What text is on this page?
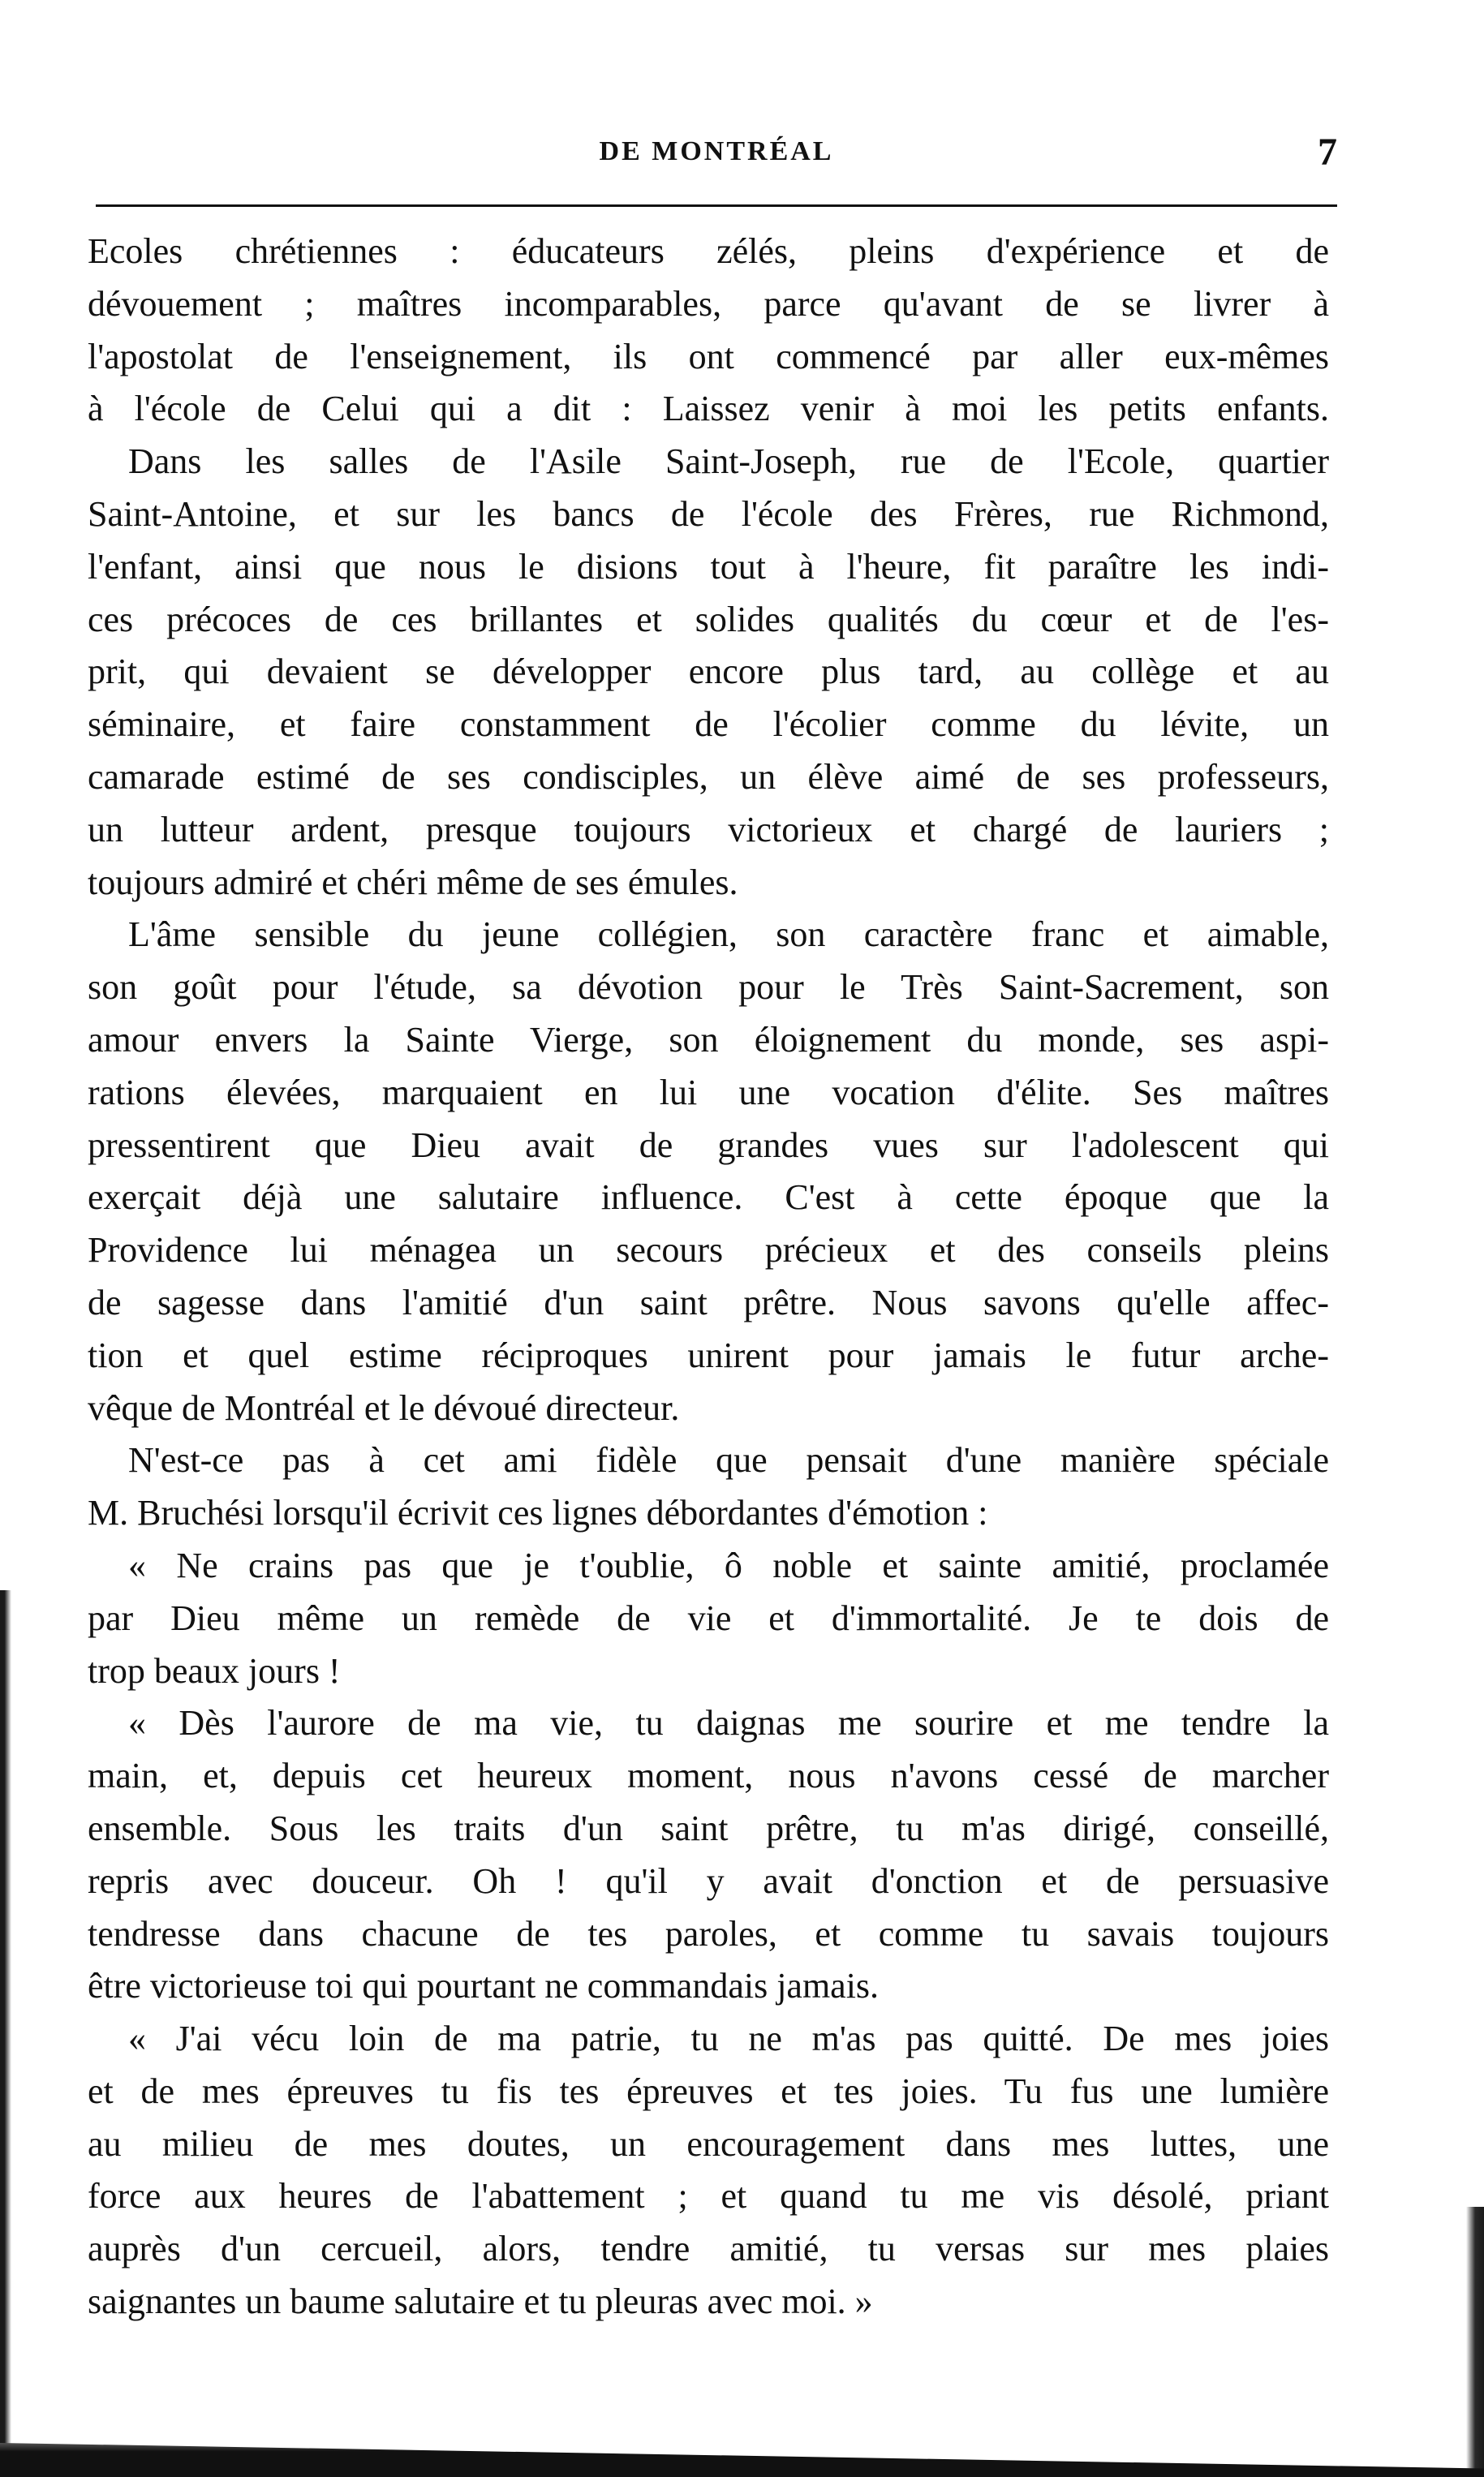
DE MONTRÉAL	7
Ecoles chrétiennes : éducateurs zélés, pleins d'expérience et de
dévouement ; maîtres incomparables, parce qu'avant de se livrer à
l'apostolat de l'enseignement, ils ont commencé par aller eux-mêmes
à l'école de Celui qui a dit : Laissez venir à moi les petits enfants.
Dans les salles de l'Asile Saint-Joseph, rue de l'Ecole, quartier
Saint-Antoine, et sur les bancs de l'école des Frères, rue Richmond,
l'enfant, ainsi que nous le disions tout à l'heure, fit paraître les indi-
ces précoces de ces brillantes et solides qualités du cœur et de l'es-
prit, qui devaient se développer encore plus tard, au collège et au
séminaire, et faire constamment de l'écolier comme du lévite, un
camarade estimé de ses condisciples, un élève aimé de ses professeurs,
un lutteur ardent, presque toujours victorieux et chargé de lauriers ;
toujours admiré et chéri même de ses émules.
L'âme sensible du jeune collégien, son caractère franc et aimable,
son goût pour l'étude, sa dévotion pour le Très Saint-Sacrement, son
amour envers la Sainte Vierge, son éloignement du monde, ses aspi-
rations élevées, marquaient en lui une vocation d'élite. Ses maîtres
pressentirent que Dieu avait de grandes vues sur l'adolescent qui
exerçait déjà une salutaire influence. C'est à cette époque que la
Providence lui ménagea un secours précieux et des conseils pleins
de sagesse dans l'amitié d'un saint prêtre. Nous savons qu'elle affec-
tion et quel estime réciproques unirent pour jamais le futur arche-
vêque de Montréal et le dévoué directeur.
N'est-ce pas à cet ami fidèle que pensait d'une manière spéciale
M. Bruchési lorsqu'il écrivit ces lignes débordantes d'émotion :
« Ne crains pas que je t'oublie, ô noble et sainte amitié, proclamée
par Dieu même un remède de vie et d'immortalité. Je te dois de
trop beaux jours !
« Dès l'aurore de ma vie, tu daignas me sourire et me tendre la
main, et, depuis cet heureux moment, nous n'avons cessé de marcher
ensemble. Sous les traits d'un saint prêtre, tu m'as dirigé, conseillé,
repris avec douceur. Oh ! qu'il y avait d'onction et de persuasive
tendresse dans chacune de tes paroles, et comme tu savais toujours
être victorieuse toi qui pourtant ne commandais jamais.
« J'ai vécu loin de ma patrie, tu ne m'as pas quitté. De mes joies
et de mes épreuves tu fis tes épreuves et tes joies. Tu fus une lumière
au milieu de mes doutes, un encouragement dans mes luttes, une
force aux heures de l'abattement ; et quand tu me vis désolé, priant
auprès d'un cercueil, alors, tendre amitié, tu versas sur mes plaies
saignantes un baume salutaire et tu pleuras avec moi. »
